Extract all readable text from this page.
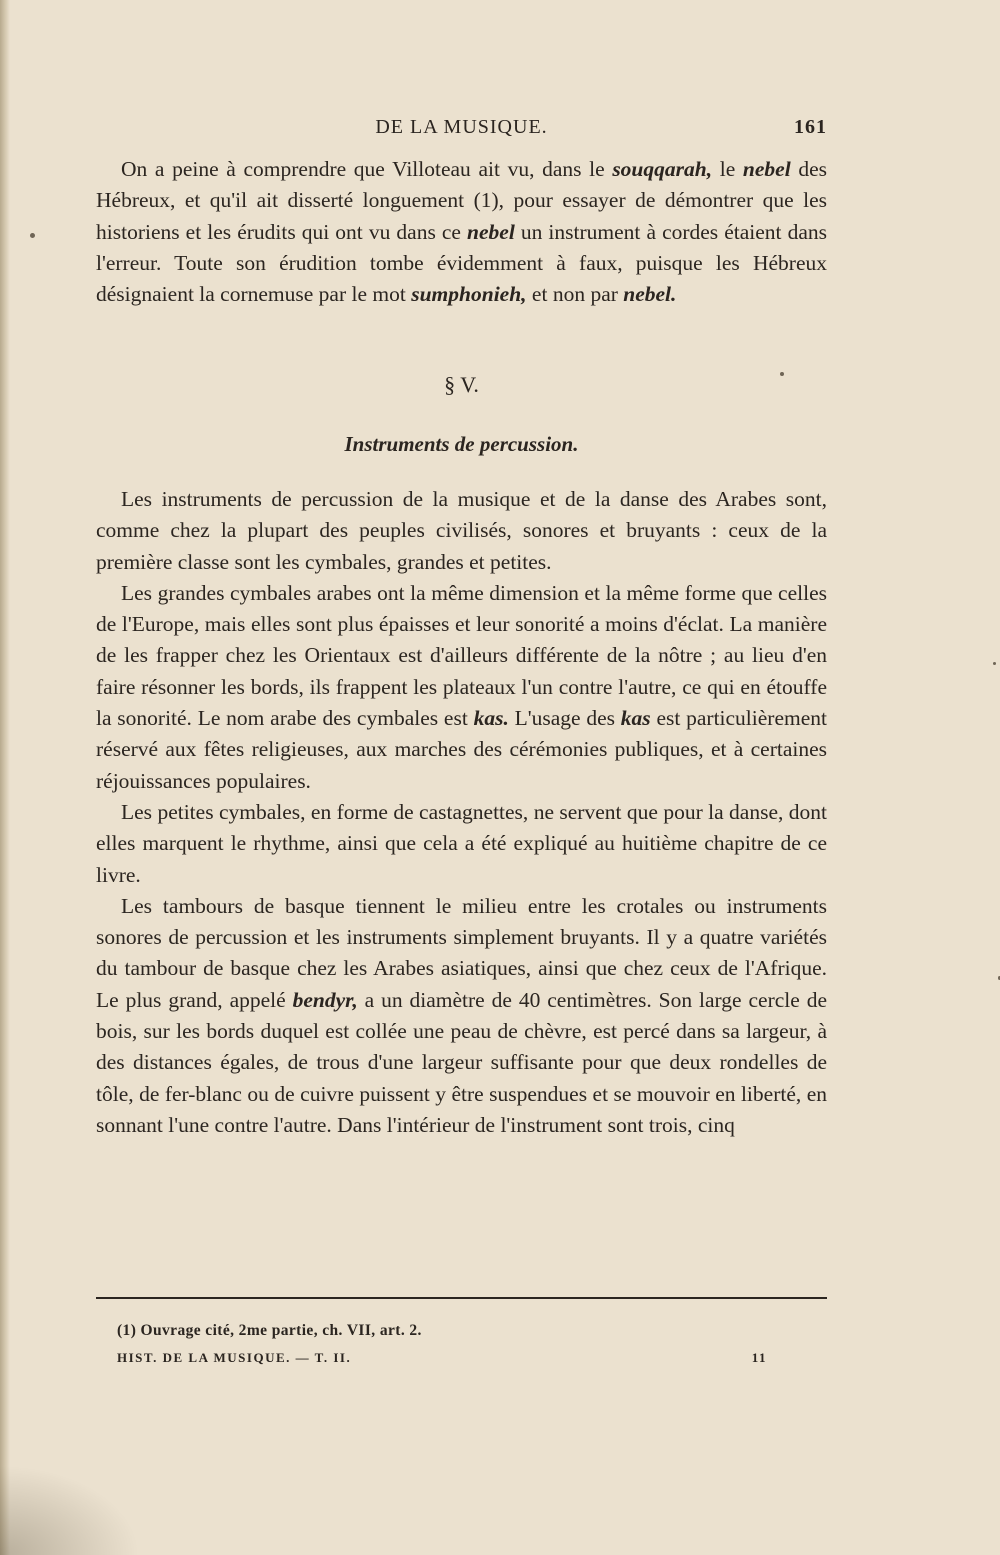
DE LA MUSIQUE.	161

On a peine à comprendre que Villoteau ait vu, dans le souqqarah, le nebel des Hébreux, et qu'il ait disserté longuement (1), pour essayer de démontrer que les historiens et les érudits qui ont vu dans ce nebel un instrument à cordes étaient dans l'erreur. Toute son érudition tombe évidemment à faux, puisque les Hébreux désignaient la cornemuse par le mot sumphonieh, et non par nebel.

§ V.
Instruments de percussion.

Les instruments de percussion de la musique et de la danse des Arabes sont, comme chez la plupart des peuples civilisés, sonores et bruyants : ceux de la première classe sont les cymbales, grandes et petites.

Les grandes cymbales arabes ont la même dimension et la même forme que celles de l'Europe, mais elles sont plus épaisses et leur sonorité a moins d'éclat. La manière de les frapper chez les Orientaux est d'ailleurs différente de la nôtre ; au lieu d'en faire résonner les bords, ils frappent les plateaux l'un contre l'autre, ce qui en étouffe la sonorité. Le nom arabe des cymbales est kas. L'usage des kas est particulièrement réservé aux fêtes religieuses, aux marches des cérémonies publiques, et à certaines réjouissances populaires.

Les petites cymbales, en forme de castagnettes, ne servent que pour la danse, dont elles marquent le rhythme, ainsi que cela a été expliqué au huitième chapitre de ce livre.

Les tambours de basque tiennent le milieu entre les crotales ou instruments sonores de percussion et les instruments simplement bruyants. Il y a quatre variétés du tambour de basque chez les Arabes asiatiques, ainsi que chez ceux de l'Afrique. Le plus grand, appelé bendyr, a un diamètre de 40 centimètres. Son large cercle de bois, sur les bords duquel est collée une peau de chèvre, est percé dans sa largeur, à des distances égales, de trous d'une largeur suffisante pour que deux rondelles de tôle, de fer-blanc ou de cuivre puissent y être suspendues et se mouvoir en liberté, en sonnant l'une contre l'autre. Dans l'intérieur de l'instrument sont trois, cinq

(1) Ouvrage cité, 2me partie, ch. VII, art. 2.
HIST. DE LA MUSIQUE. — T. II.	11
